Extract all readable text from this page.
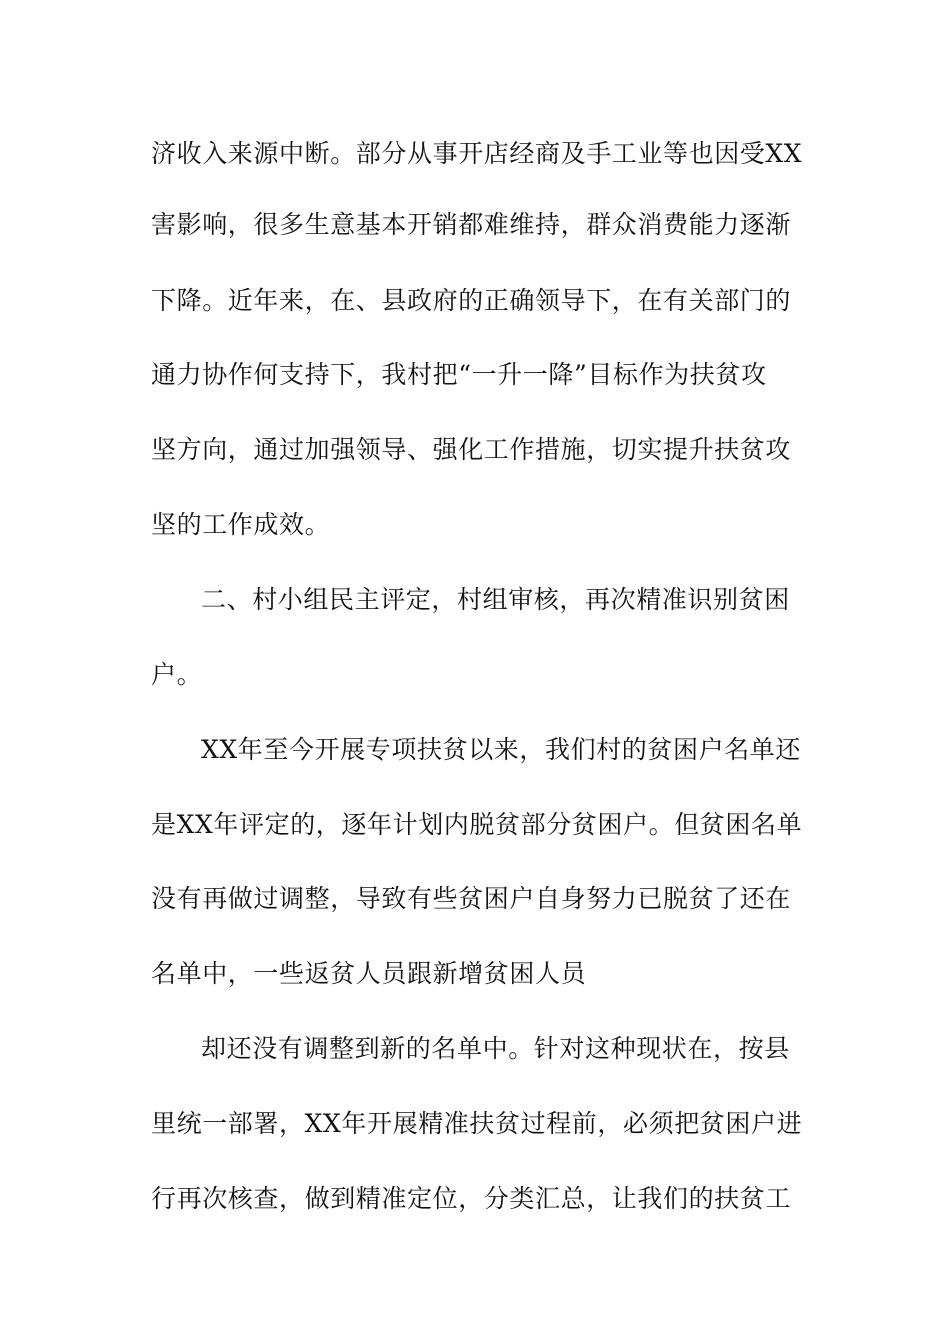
济收入来源中断。部分从事开店经商及手工业等也因受XX
害影响，很多生意基本开销都难维持，群众消费能力逐渐
下降。近年来，在、县政府的正确领导下，在有关部门的
通力协作何支持下，我村把“一升一降”目标作为扶贫攻
坚方向，通过加强领导、强化工作措施，切实提升扶贫攻
坚的工作成效。
二、村小组民主评定，村组审核，再次精准识别贫困
户。
XX年至今开展专项扶贫以来，我们村的贫困户名单还
是XX年评定的，逐年计划内脱贫部分贫困户。但贫困名单
没有再做过调整，导致有些贫困户自身努力已脱贫了还在
名单中，一些返贫人员跟新增贫困人员
却还没有调整到新的名单中。针对这种现状在，按县
里统一部署，XX年开展精准扶贫过程前，必须把贫困户进
行再次核查，做到精准定位，分类汇总，让我们的扶贫工
